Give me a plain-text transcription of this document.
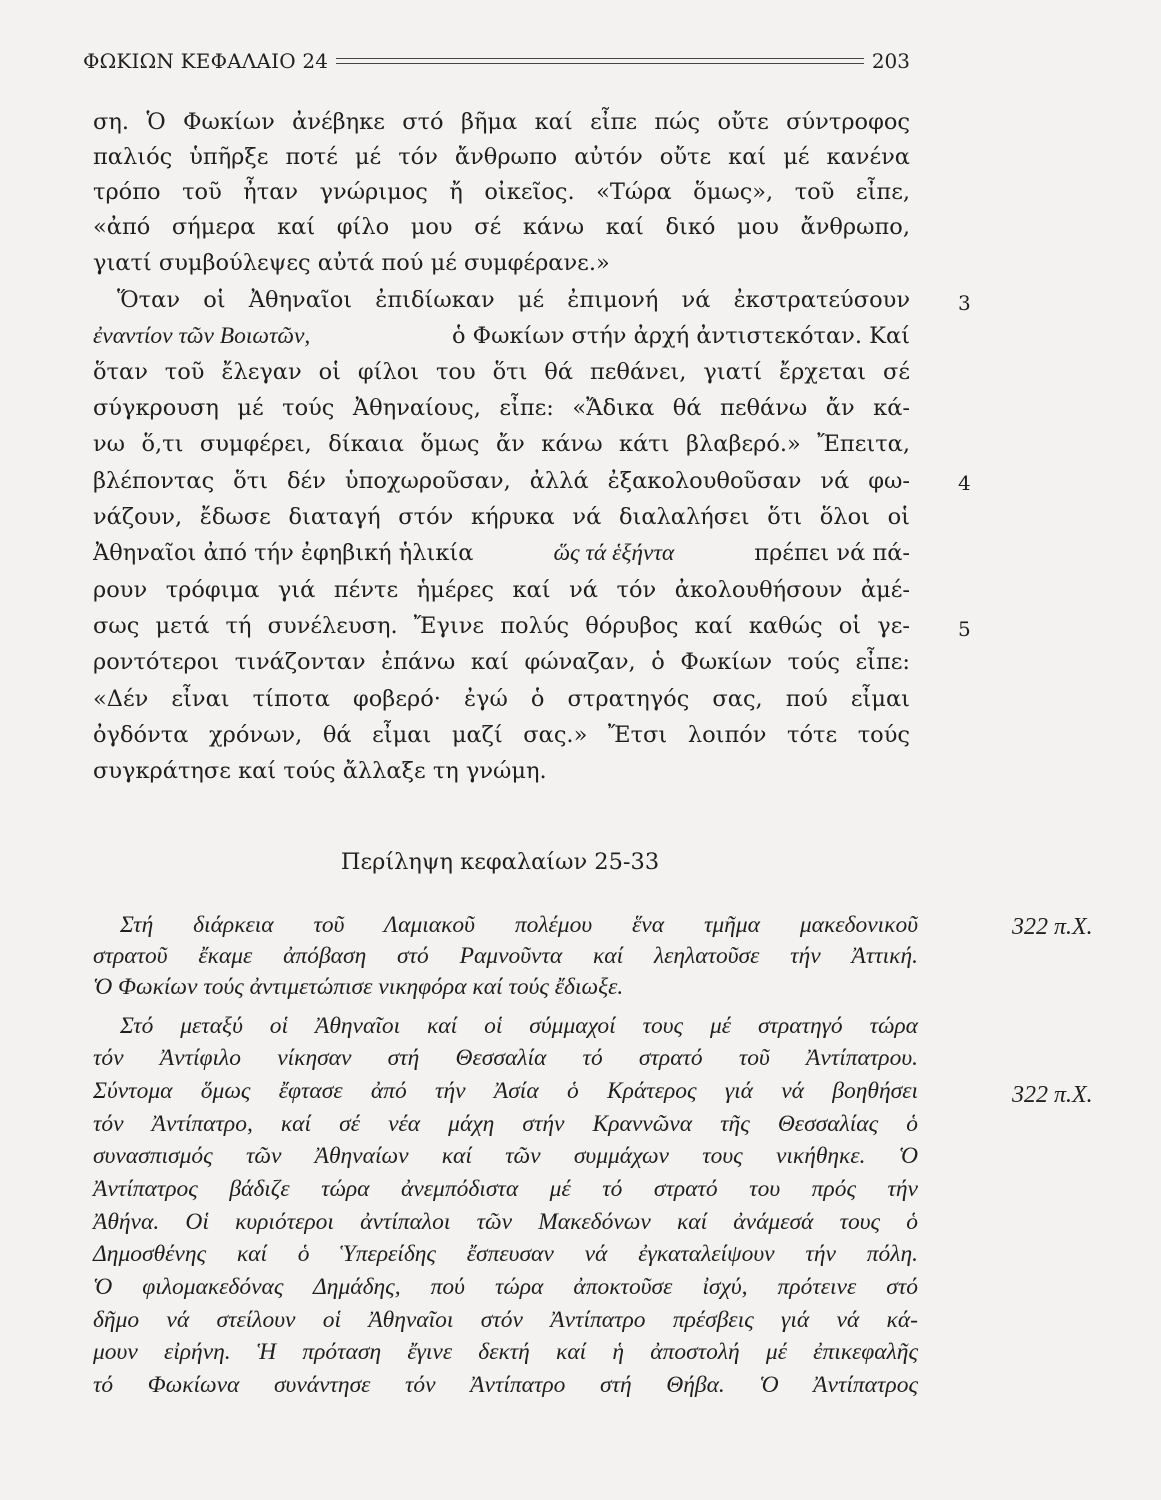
ΦΩΚΙΩΝ ΚΕΦΑΛΑΙΟ 24	203
ση. Ὁ Φωκίων ἀνέβηκε στό βῆμα καί εἶπε πώς οὔτε σύντροφος
παλιός ὑπῆρξε ποτέ μέ τόν ἄνθρωπο αὐτόν οὔτε καί μέ κανένα
τρόπο τοῦ ἦταν γνώριμος ἤ οἰκεῖος. «Τώρα ὅμως», τοῦ εἶπε,
«ἀπό σήμερα καί φίλο μου σέ κάνω καί δικό μου ἄνθρωπο,
γιατί συμβούλεψες αὐτά πού μέ συμφέρανε.»
Ὅταν οἱ Ἀθηναῖοι ἐπιδίωκαν μέ ἐπιμονή νά ἐκστρατεύσουν
ἐναντίον τῶν Βοιωτῶν,	ὁ Φωκίων στήν ἀρχή ἀντιστεκόταν. Καί
ὅταν τοῦ ἔλεγαν οἱ φίλοι του ὅτι θά πεθάνει, γιατί ἔρχεται σέ
σύγκρουση μέ τούς Ἀθηναίους, εἶπε: «Ἄδικα θά πεθάνω ἄν κά-
νω ὅ,τι συμφέρει, δίκαια ὅμως ἄν κάνω κάτι βλαβερό.» Ἔπειτα,
βλέποντας ὅτι δέν ὑποχωροῦσαν, ἀλλά ἐξακολουθοῦσαν νά φω-
νάζουν, ἔδωσε διαταγή στόν κήρυκα νά διαλαλήσει ὅτι ὅλοι οἱ
Ἀθηναῖοι ἀπό τήν ἐφηβική ἡλικία	ὥς τά ἑξήντα	πρέπει νά πά-
ρουν τρόφιμα γιά πέντε ἡμέρες καί νά τόν ἀκολουθήσουν ἀμέ-
σως μετά τή συνέλευση. Ἔγινε πολύς θόρυβος καί καθώς οἱ γε-
ροντότεροι τινάζονταν ἐπάνω καί φώναζαν, ὁ Φωκίων τούς εἶπε:
«Δέν εἶναι τίποτα φοβερό· ἐγώ ὁ στρατηγός σας, πού εἶμαι
ὀγδόντα χρόνων, θά εἶμαι μαζί σας.» Ἔτσι λοιπόν τότε τούς
συγκράτησε καί τούς ἄλλαξε τη γνώμη.
3
4
5
Περίληψη κεφαλαίων 25-33
Στή διάρκεια τοῦ Λαμιακοῦ πολέμου ἕνα τμῆμα μακεδονικοῦ
στρατοῦ ἔκαμε ἀπόβαση στό Ραμνοῦντα καί λεηλατοῦσε τήν Ἀττική.
Ὁ Φωκίων τούς ἀντιμετώπισε νικηφόρα καί τούς ἔδιωξε.
Στό μεταξύ οἱ Ἀθηναῖοι καί οἱ σύμμαχοί τους μέ στρατηγό τώρα
τόν Ἀντίφιλο νίκησαν στή Θεσσαλία τό στρατό τοῦ Ἀντίπατρου.
Σύντομα ὅμως ἔφτασε ἀπό τήν Ἀσία ὁ Κράτερος γιά νά βοηθήσει
τόν Ἀντίπατρο, καί σέ νέα μάχη στήν Κραννῶνα τῆς Θεσσαλίας ὁ
συνασπισμός τῶν Ἀθηναίων καί τῶν συμμάχων τους νικήθηκε. Ὁ
Ἀντίπατρος βάδιζε τώρα ἀνεμπόδιστα μέ τό στρατό του πρός τήν
Ἀθήνα. Οἱ κυριότεροι ἀντίπαλοι τῶν Μακεδόνων καί ἀνάμεσά τους ὁ
Δημοσθένης καί ὁ Ὑπερείδης ἔσπευσαν νά ἐγκαταλείψουν τήν πόλη.
Ὁ φιλομακεδόνας Δημάδης, πού τώρα ἀποκτοῦσε ἰσχύ, πρότεινε στό
δῆμο νά στείλουν οἱ Ἀθηναῖοι στόν Ἀντίπατρο πρέσβεις γιά νά κά-
μουν εἰρήνη. Ἡ πρόταση ἔγινε δεκτή καί ἡ ἀποστολή μέ ἐπικεφαλῆς
τό Φωκίωνα συνάντησε τόν Ἀντίπατρο στή Θήβα. Ὁ Ἀντίπατρος
322 π.Χ.
322 π.Χ.
